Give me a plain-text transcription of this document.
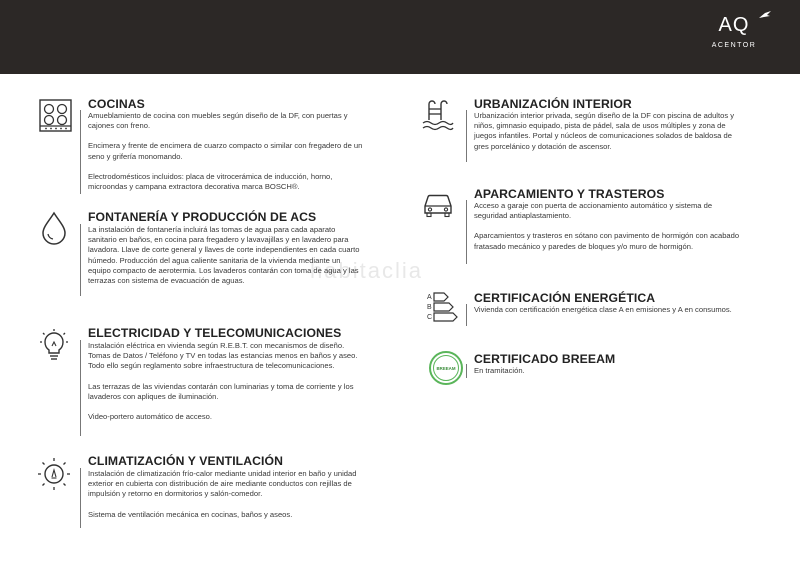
AQ
ACENTOR
habitaclia
COCINAS

Amueblamiento de cocina con muebles según diseño de la DF, con puertas y cajones con freno.

Encimera y frente de encimera de cuarzo compacto o similar con fregadero de un seno y grifería monomando.

Electrodomésticos incluidos: placa de vitrocerámica de inducción, horno, microondas y campana extractora decorativa marca BOSCH®.

FONTANERÍA Y PRODUCCIÓN DE ACS

La instalación de fontanería incluirá las tomas de agua para cada aparato sanitario en baños, en cocina para fregadero y lavavajillas y en lavadero para lavadora. Llave de corte general y llaves de corte independientes en cada cuarto húmedo. Producción del agua caliente sanitaria de la vivienda mediante un equipo compacto de aerotermia. Los lavaderos contarán con toma de agua y las terrazas con sistema de evacuación de aguas.

ELECTRICIDAD Y TELECOMUNICACIONES

Instalación eléctrica en vivienda según R.E.B.T. con mecanismos de diseño. Tomas de Datos / Teléfono y TV en todas las estancias menos en baños y aseo. Todo ello según reglamento sobre infraestructura de telecomunicaciones.

Las terrazas de las viviendas contarán con luminarias y toma de corriente y los lavaderos con apliques de iluminación.

Video-portero automático de acceso.

CLIMATIZACIÓN Y VENTILACIÓN

Instalación de climatización frío-calor mediante unidad interior en baño y unidad exterior en cubierta con distribución de aire mediante conductos con rejillas de impulsión y retorno en dormitorios y salón-comedor.

Sistema de ventilación mecánica en cocinas, baños y aseos.

URBANIZACIÓN INTERIOR

Urbanización interior privada, según diseño de la DF con piscina de adultos y niños, gimnasio equipado, pista de pádel, sala de usos múltiples y zona de juegos infantiles. Portal y núcleos de comunicaciones solados de baldosa de gres porcelánico y dotación de ascensor.

APARCAMIENTO Y TRASTEROS

Acceso a garaje con puerta de accionamiento automático y sistema de seguridad antiaplastamiento.

Aparcamientos y trasteros en sótano con pavimento de hormigón con acabado fratasado mecánico y paredes de bloques y/o muro de hormigón.

A
B
C
CERTIFICACIÓN ENERGÉTICA

Vivienda con certificación energética clase A en emisiones y A en consumos.

BREEAM
CERTIFICADO BREEAM

En tramitación.
